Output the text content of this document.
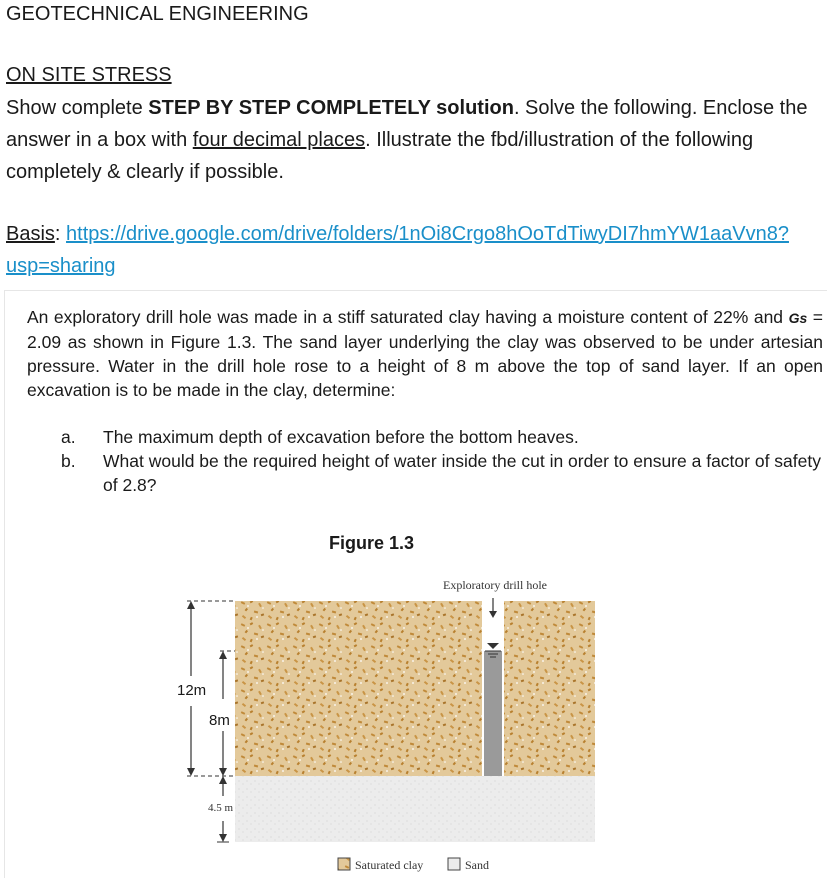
GEOTECHNICAL ENGINEERING
ON SITE STRESS
Show complete STEP BY STEP COMPLETELY solution. Solve the following. Enclose the answer in a box with four decimal places. Illustrate the fbd/illustration of the following completely & clearly if possible.
Basis: https://drive.google.com/drive/folders/1nOi8Crgo8hOoTdTiwyDI7hmYW1aaVvn8?usp=sharing
An exploratory drill hole was made in a stiff saturated clay having a moisture content of 22% and Gs = 2.09 as shown in Figure 1.3. The sand layer underlying the clay was observed to be under artesian pressure. Water in the drill hole rose to a height of 8 m above the top of sand layer. If an open excavation is to be made in the clay, determine:
a. The maximum depth of excavation before the bottom heaves.
b. What would be the required height of water inside the cut in order to ensure a factor of safety of 2.8?
Figure 1.3
Exploratory drill hole
12m
8m
4.5 m
Saturated clay	Sand
